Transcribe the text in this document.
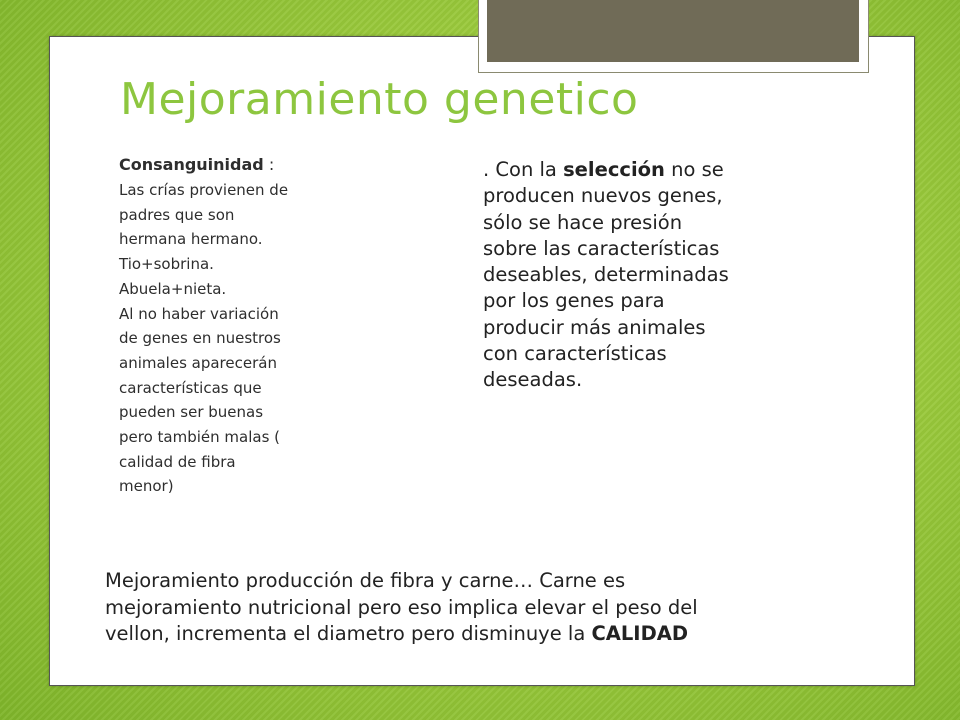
Mejoramiento genetico
Consanguinidad :

Las crías provienen de
padres que son
hermana hermano.
Tio+sobrina.
Abuela+nieta.
Al no haber variación
de genes en nuestros
animales aparecerán
características que
pueden ser buenas
pero también malas (
calidad de fibra
menor)

. Con la selección no se
producen nuevos genes,
sólo se hace presión
sobre las características
deseables, determinadas
por los genes para
producir más animales
con características
deseadas.

Mejoramiento producción de fibra y carne… Carne es
mejoramiento nutricional pero eso implica elevar el peso del
vellon, incrementa el diametro pero disminuye la CALIDAD
